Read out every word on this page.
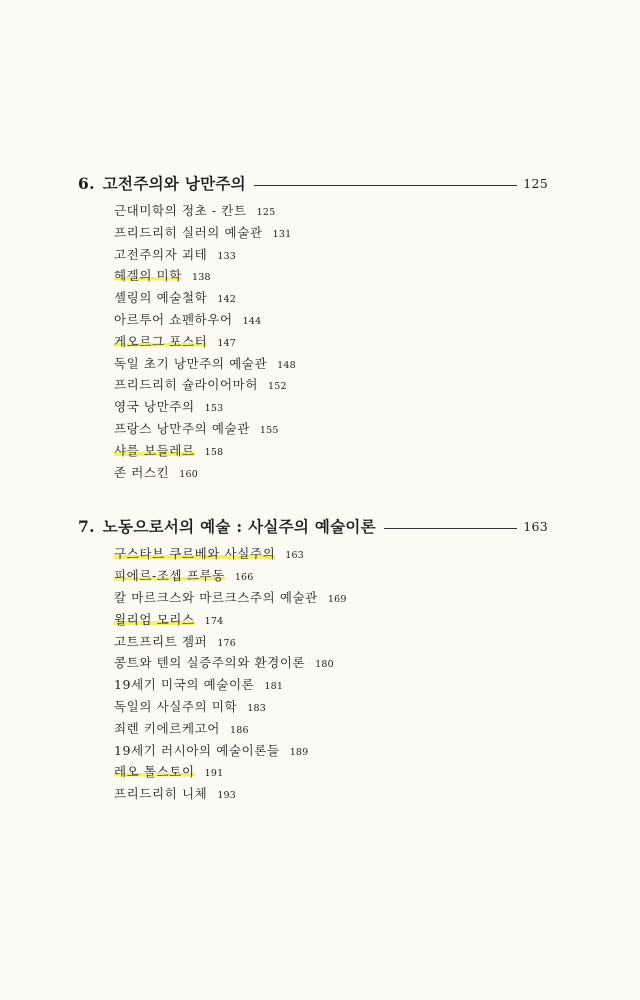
6. 고전주의와 낭만주의	125
근대미학의 정초 - 칸트 125
프리드리히 실러의 예술관 131
고전주의자 괴테 133
헤겔의 미학 138
셸링의 예술철학 142
아르투어 쇼펜하우어 144
게오르그 포스터 147
독일 초기 낭만주의 예술관 148
프리드리히 슐라이어마허 152
영국 낭만주의 153
프랑스 낭만주의 예술관 155
샤를 보들레르 158
존 러스킨 160
7. 노동으로서의 예술 : 사실주의 예술이론	163
구스타브 쿠르베와 사실주의 163
피에르-조셉 프루동 166
칼 마르크스와 마르크스주의 예술관 169
윌리엄 모리스 174
고트프리트 젬퍼 176
콩트와 텐의 실증주의와 환경이론 180
19세기 미국의 예술이론 181
독일의 사실주의 미학 183
죄렌 키에르케고어 186
19세기 러시아의 예술이론들 189
레오 톨스토이 191
프리드리히 니체 193
